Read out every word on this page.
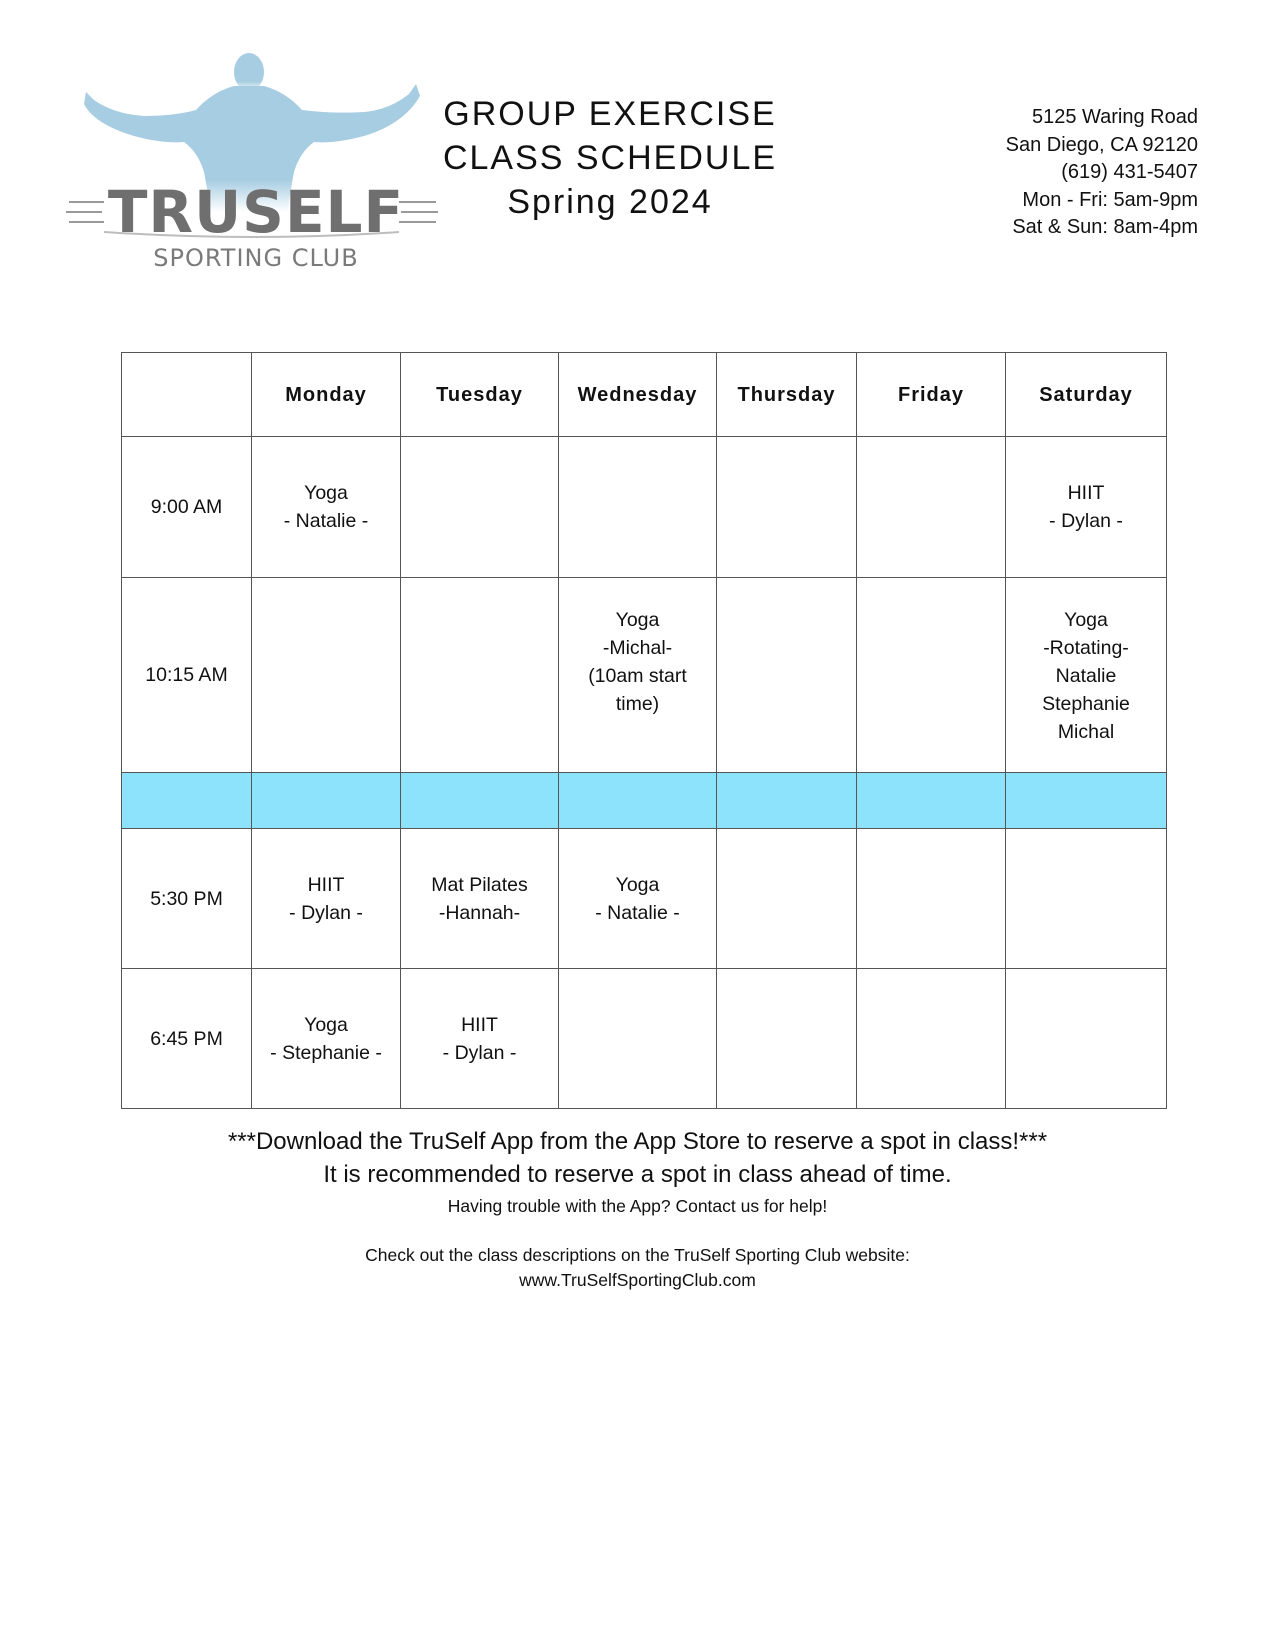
TRUSELF
SPORTING CLUB
GROUP EXERCISE
CLASS SCHEDULE
Spring 2024
5125 Waring Road
San Diego, CA 92120
(619) 431-5407
Mon - Fri: 5am-9pm
Sat & Sun: 8am-4pm
	Monday	Tuesday	Wednesday	Thursday	Friday	Saturday
9:00 AM	Yoga
- Natalie -					HIIT
- Dylan -

10:15 AM			Yoga
-Michal-
(10am start
time)			Yoga
-Rotating-
Natalie
Stephanie
Michal

5:30 PM	HIIT
- Dylan -	Mat Pilates
-Hannah-	Yoga
- Natalie -			

6:45 PM	Yoga
- Stephanie -	HIIT
- Dylan -				

***Download the TruSelf App from the App Store to reserve a spot in class!***
It is recommended to reserve a spot in class ahead of time.
Having trouble with the App? Contact us for help!
Check out the class descriptions on the TruSelf Sporting Club website:
www.TruSelfSportingClub.com
